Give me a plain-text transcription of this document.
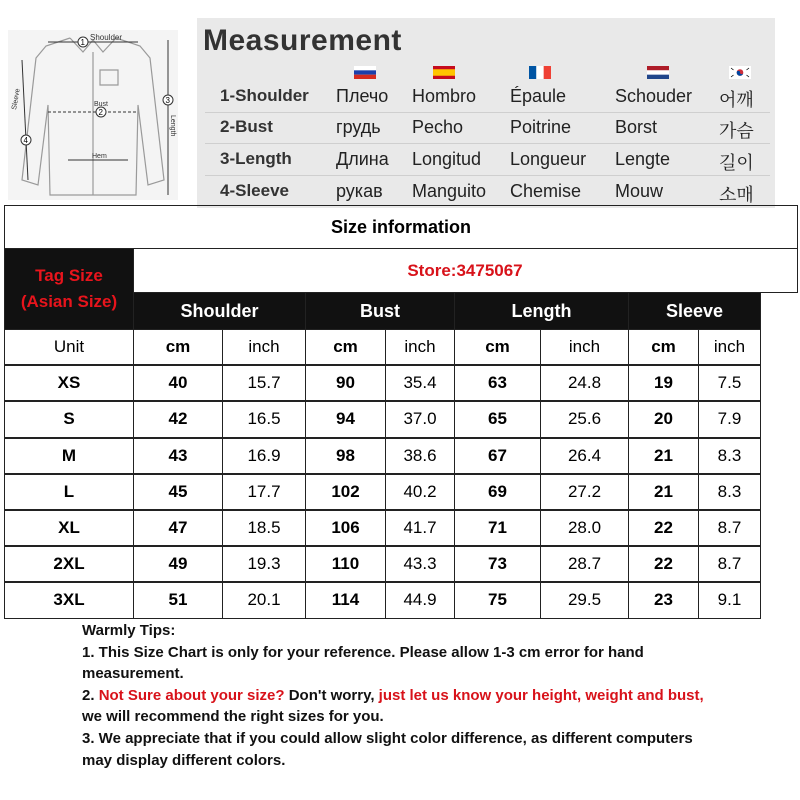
1
Shoulder
2
Bust
Hem
3
Length
4
Sleeve
Measurement
1-Shoulder Плечо Hombro Épaule	Schouder 어깨
2-Bust	грудь Pecho	Poitrine Borst	가슴
3-Length Длина Longitud Longueur Lengte	길이
4-Sleeve	рукав Manguito Chemise Mouw	소매
Size information
Tag Size
(Asian Size)
Store:3475067
Shoulder	Bust	Length	Sleeve
Unit	cm	inch	cm	inch	cm	inch	cm	inch
XS	40	15.7	90	35.4	63	24.8	19	7.5
S	42	16.5	94	37.0	65	25.6	20	7.9
M	43	16.9	98	38.6	67	26.4	21	8.3
L	45	17.7	102	40.2	69	27.2	21	8.3
XL	47	18.5	106	41.7	71	28.0	22	8.7
2XL	49	19.3	110	43.3	73	28.7	22	8.7
3XL	51	20.1	114	44.9	75	29.5	23	9.1
Warmly Tips:
1. This Size Chart is only for your reference. Please allow 1-3 cm error for hand measurement.
2. Not Sure about your size? Don't worry, just let us know your height, weight and bust, we will recommend the right sizes for you.
3. We appreciate that if you could allow slight color difference, as different computers may display different colors.
